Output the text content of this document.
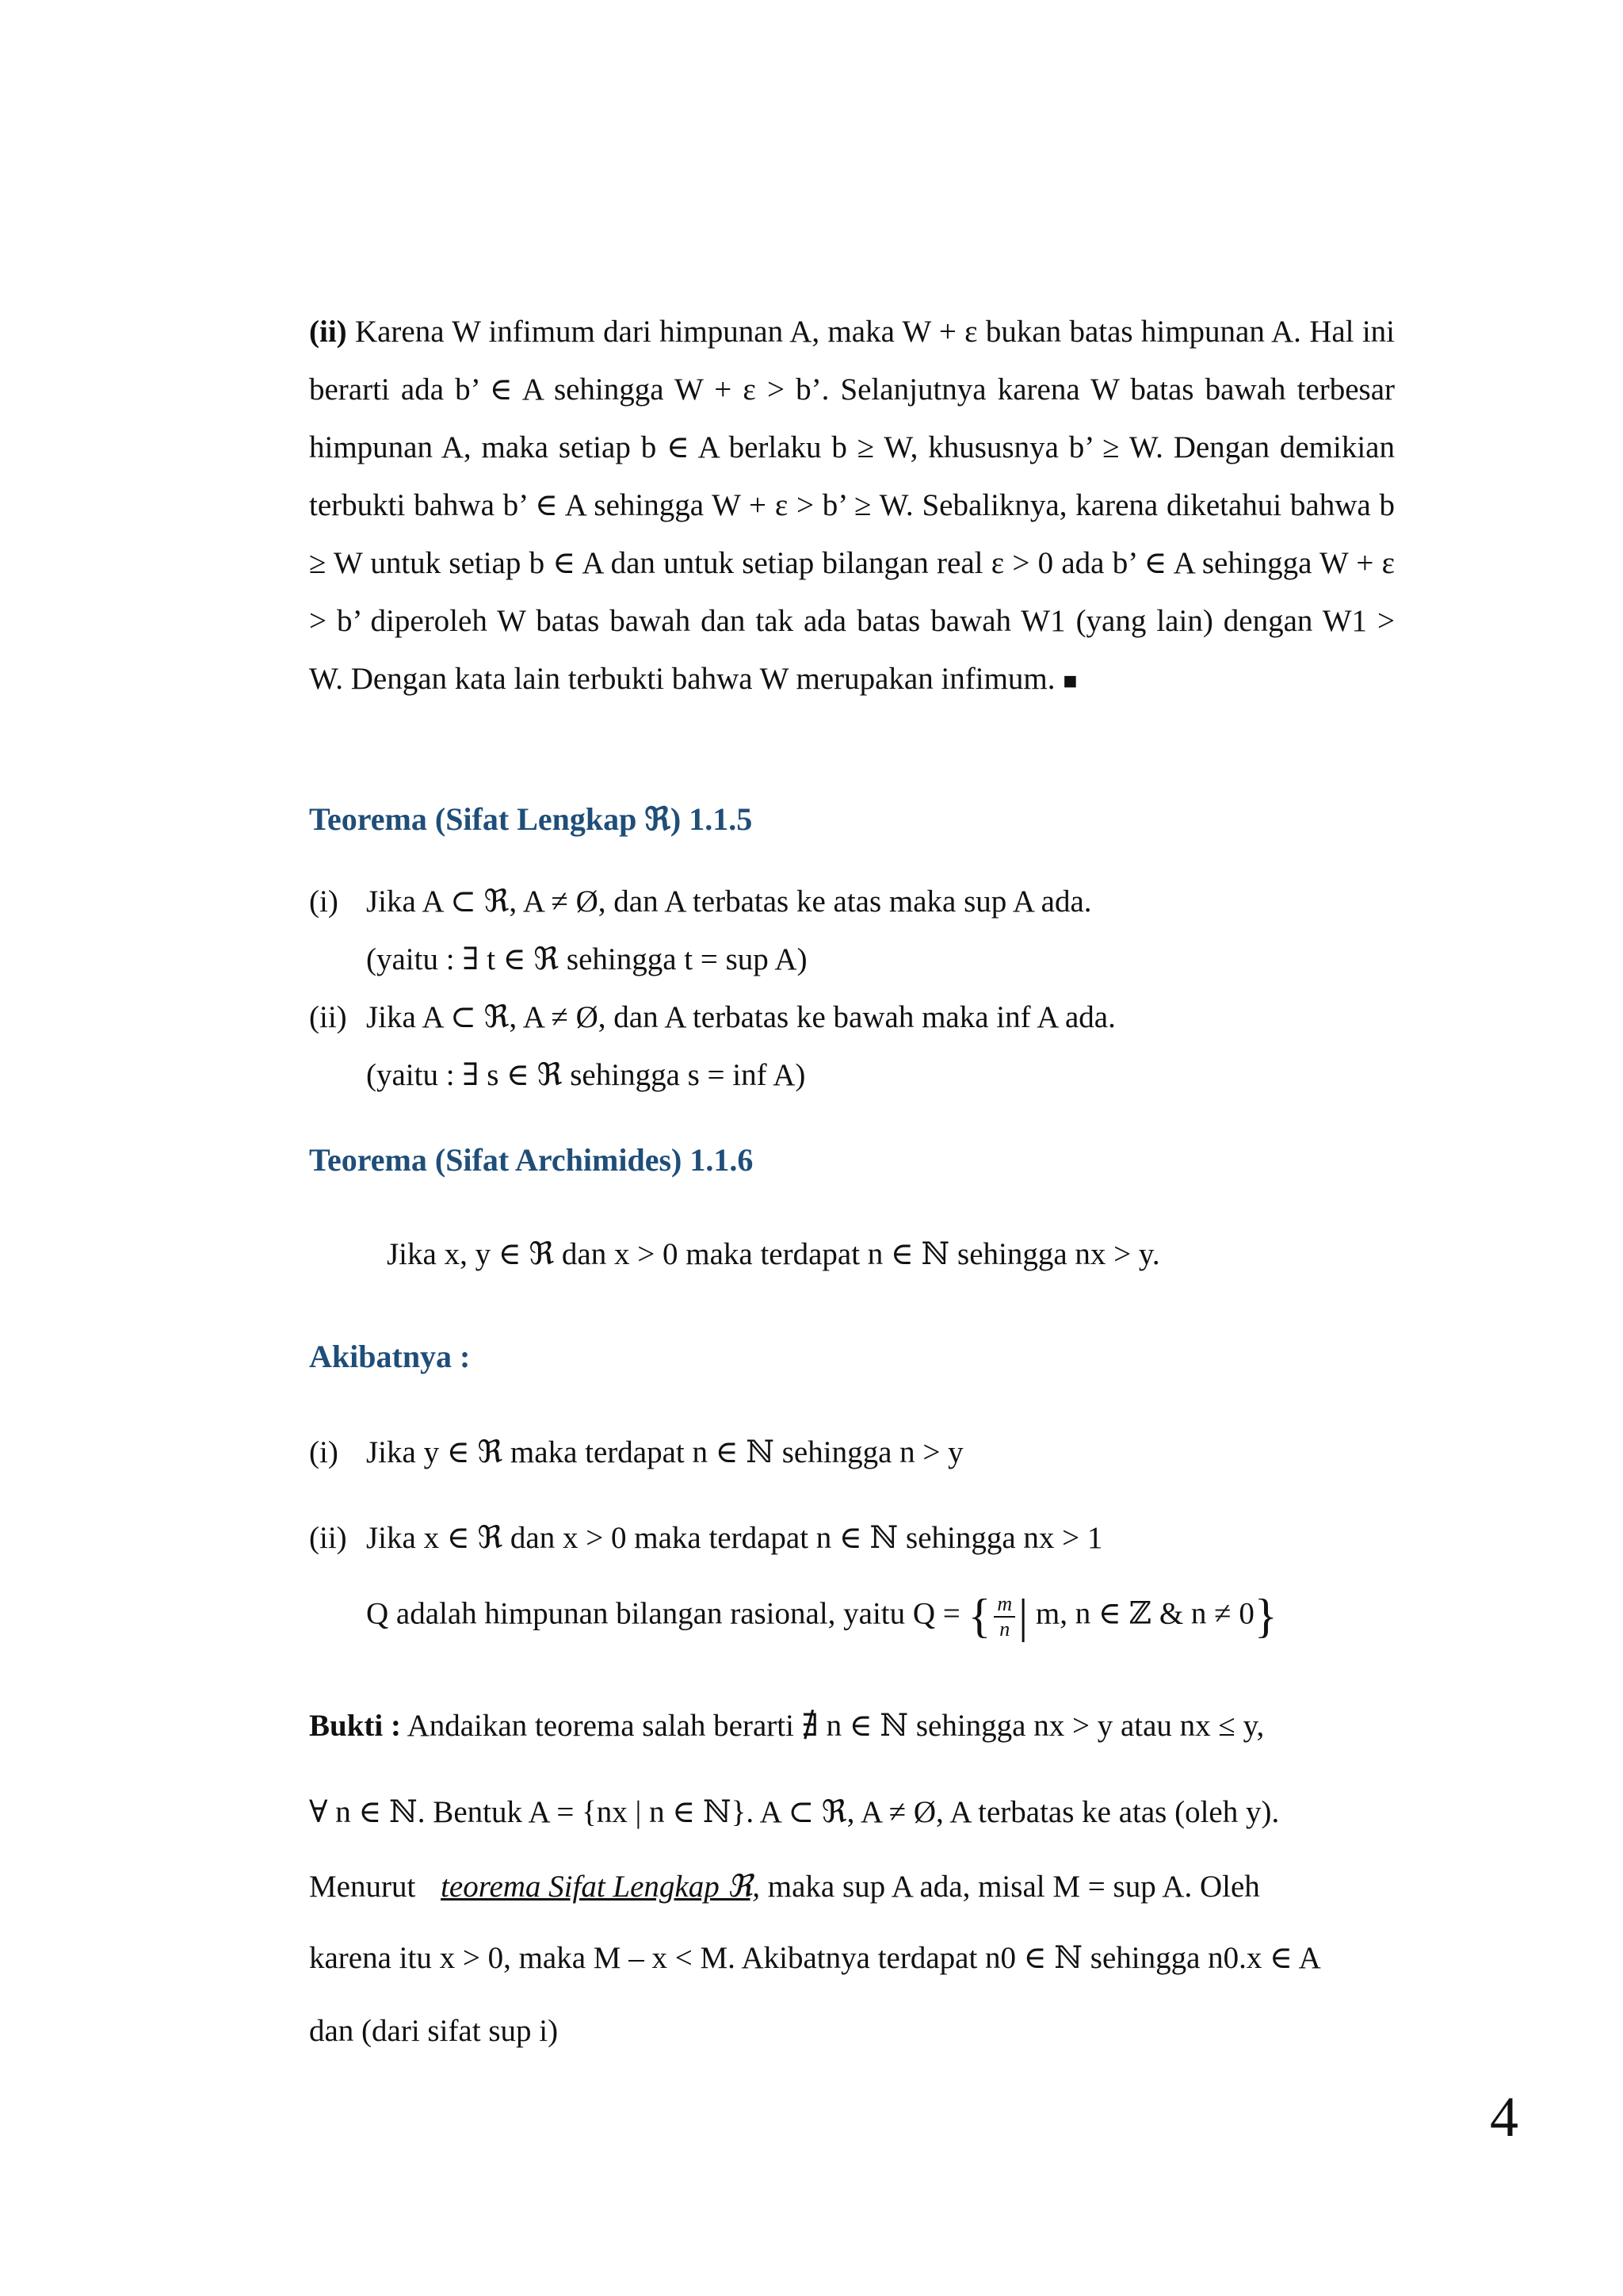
(ii) Karena W infimum dari himpunan A, maka W + ε bukan batas himpunan A. Hal ini berarti ada b’ ∈ A sehingga W + ε > b’. Selanjutnya karena W batas bawah terbesar himpunan A, maka setiap b ∈ A berlaku b ≥ W, khususnya b’ ≥ W. Dengan demikian terbukti bahwa b’ ∈ A sehingga W + ε > b’ ≥ W. Sebaliknya, karena diketahui bahwa b ≥ W untuk setiap b ∈ A dan untuk setiap bilangan real ε > 0 ada b’ ∈ A sehingga W + ε > b’ diperoleh W batas bawah dan tak ada batas bawah W1 (yang lain) dengan W1 > W. Dengan kata lain terbukti bahwa W merupakan infimum. ■
Teorema (Sifat Lengkap ℜ) 1.1.5
(i) Jika A ⊂ ℜ, A ≠ Ø, dan A terbatas ke atas maka sup A ada.
(yaitu : ∃ t ∈ ℜ sehingga t = sup A)
(ii) Jika A ⊂ ℜ, A ≠ Ø, dan A terbatas ke bawah maka inf A ada.
(yaitu : ∃ s ∈ ℜ sehingga s = inf A)
Teorema (Sifat Archimides) 1.1.6
Jika x, y ∈ ℜ dan x > 0 maka terdapat n ∈ ℕ sehingga nx > y.
Akibatnya :
(i) Jika y ∈ ℜ maka terdapat n ∈ ℕ sehingga n > y
(ii) Jika x ∈ ℜ dan x > 0 maka terdapat n ∈ ℕ sehingga nx > 1
Q adalah himpunan bilangan rasional, yaitu Q = { $\frac{m}{n}$ | m, n ∈ ℤ & n ≠ 0}
Bukti : Andaikan teorema salah berarti ∄ n ∈ ℕ sehingga nx > y atau nx ≤ y,
∀ n ∈ ℕ. Bentuk A = {nx | n ∈ ℕ}. A ⊂ ℜ, A ≠ Ø, A terbatas ke atas (oleh y).
Menurut teorema Sifat Lengkap ℜ, maka sup A ada, misal M = sup A. Oleh
karena itu x > 0, maka M – x < M. Akibatnya terdapat n0 ∈ ℕ sehingga n0.x ∈ A
dan (dari sifat sup i)
4
